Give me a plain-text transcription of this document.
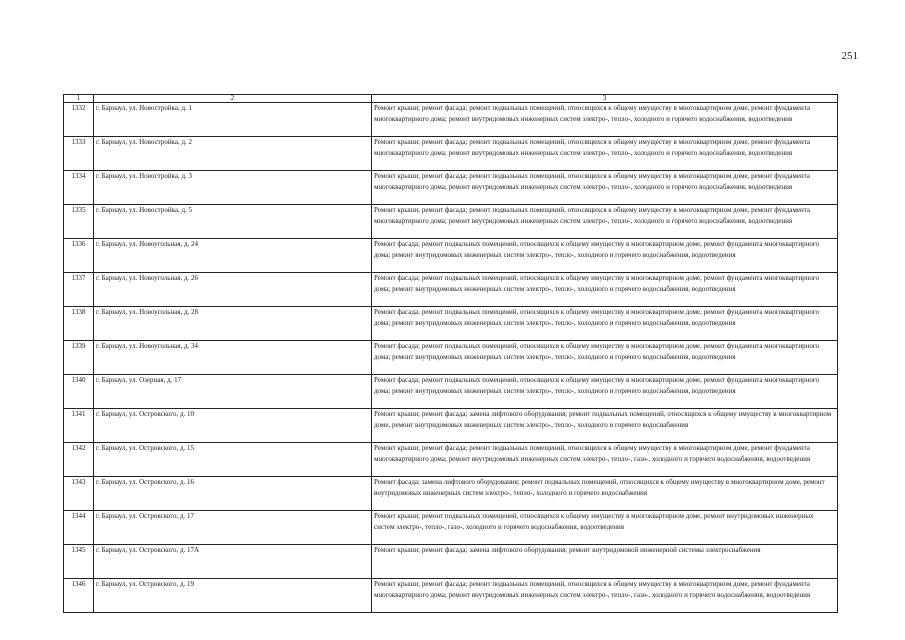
251
1	2	3
1332	г. Барнаул, ул. Новостройка, д. 1	Ремонт крыши; ремонт фасада; ремонт подвальных помещений, относящихся к общему имуществу в многоквартирном доме, ремонт фундамента многоквартирного дома; ремонт внутридомовых инженерных систем электро-, тепло-, холодного и горячего водоснабжения, водоотведения
1333	г. Барнаул, ул. Новостройка, д. 2	Ремонт крыши; ремонт фасада; ремонт подвальных помещений, относящихся к общему имуществу в многоквартирном доме, ремонт фундамента многоквартирного дома; ремонт внутридомовых инженерных систем электро-, тепло-, холодного и горячего водоснабжения, водоотведения
1334	г. Барнаул, ул. Новостройка, д. 3	Ремонт крыши; ремонт фасада; ремонт подвальных помещений, относящихся к общему имуществу в многоквартирном доме, ремонт фундамента многоквартирного дома; ремонт внутридомовых инженерных систем электро-, тепло-, холодного и горячего водоснабжения, водоотведения
1335	г. Барнаул, ул. Новостройка, д. 5	Ремонт крыши; ремонт фасада; ремонт подвальных помещений, относящихся к общему имуществу в многоквартирном доме, ремонт фундамента многоквартирного дома; ремонт внутридомовых инженерных систем электро-, тепло-, холодного и горячего водоснабжения, водоотведения
1336	г. Барнаул, ул. Новоугольная, д. 24	Ремонт фасада; ремонт подвальных помещений, относящихся к общему имуществу в многоквартирном доме, ремонт фундамента многоквартирного дома; ремонт внутридомовых инженерных систем электро-, тепло-, холодного и горячего водоснабжения, водоотведения
1337	г. Барнаул, ул. Новоугольная, д. 26	Ремонт фасада; ремонт подвальных помещений, относящихся к общему имуществу в многоквартирном доме, ремонт фундамента многоквартирного дома; ремонт внутридомовых инженерных систем электро-, тепло-, холодного и горячего водоснабжения, водоотведения
1338	г. Барнаул, ул. Новоугольная, д. 28	Ремонт фасада; ремонт подвальных помещений, относящихся к общему имуществу в многоквартирном доме, ремонт фундамента многоквартирного дома; ремонт внутридомовых инженерных систем электро-, тепло-, холодного и горячего водоснабжения, водоотведения
1339	г. Барнаул, ул. Новоугольная, д. 34	Ремонт фасада; ремонт подвальных помещений, относящихся к общему имуществу в многоквартирном доме, ремонт фундамента многоквартирного дома; ремонт внутридомовых инженерных систем электро-, тепло-, холодного и горячего водоснабжения, водоотведения
1340	г. Барнаул, ул. Озерная, д. 17	Ремонт фасада; ремонт подвальных помещений, относящихся к общему имуществу в многоквартирном доме, ремонт фундамента многоквартирного дома; ремонт внутридомовых инженерных систем электро-, тепло-, холодного и горячего водоснабжения, водоотведения
1341	г. Барнаул, ул. Островского, д. 10	Ремонт крыши; ремонт фасада; замена лифтового оборудования; ремонт подвальных помещений, относящихся к общему имуществу в многоквартирном доме, ремонт внутридомовых инженерных систем электро-, тепло-, холодного и горячего водоснабжения
1342	г. Барнаул, ул. Островского, д. 15	Ремонт крыши; ремонт фасада; ремонт подвальных помещений, относящихся к общему имуществу в многоквартирном доме, ремонт фундамента многоквартирного дома; ремонт внутридомовых инженерных систем электро-, тепло-, газо-, холодного и горячего водоснабжения, водоотведения
1343	г. Барнаул, ул. Островского, д. 16	Ремонт фасада; замена лифтового оборудования; ремонт подвальных помещений, относящихся к общему имуществу в многоквартирном доме, ремонт внутридомовых инженерных систем электро-, тепло-, холодного и горячего водоснабжения
1344	г. Барнаул, ул. Островского, д. 17	Ремонт крыши; ремонт подвальных помещений, относящихся к общему имуществу в многоквартирном доме, ремонт внутридомовых инженерных систем электро-, тепло-, газо-, холодного и горячего водоснабжения, водоотведения
1345	г. Барнаул, ул. Островского, д. 17А	Ремонт крыши; ремонт фасада; замена лифтового оборудования; ремонт внутридомовой инженерной системы электроснабжения
1346	г. Барнаул, ул. Островского, д. 19	Ремонт крыши; ремонт фасада; ремонт подвальных помещений, относящихся к общему имуществу в многоквартирном доме, ремонт фундамента многоквартирного дома; ремонт внутридомовых инженерных систем электро-, тепло-, газо-, холодного и горячего водоснабжения, водоотведения
